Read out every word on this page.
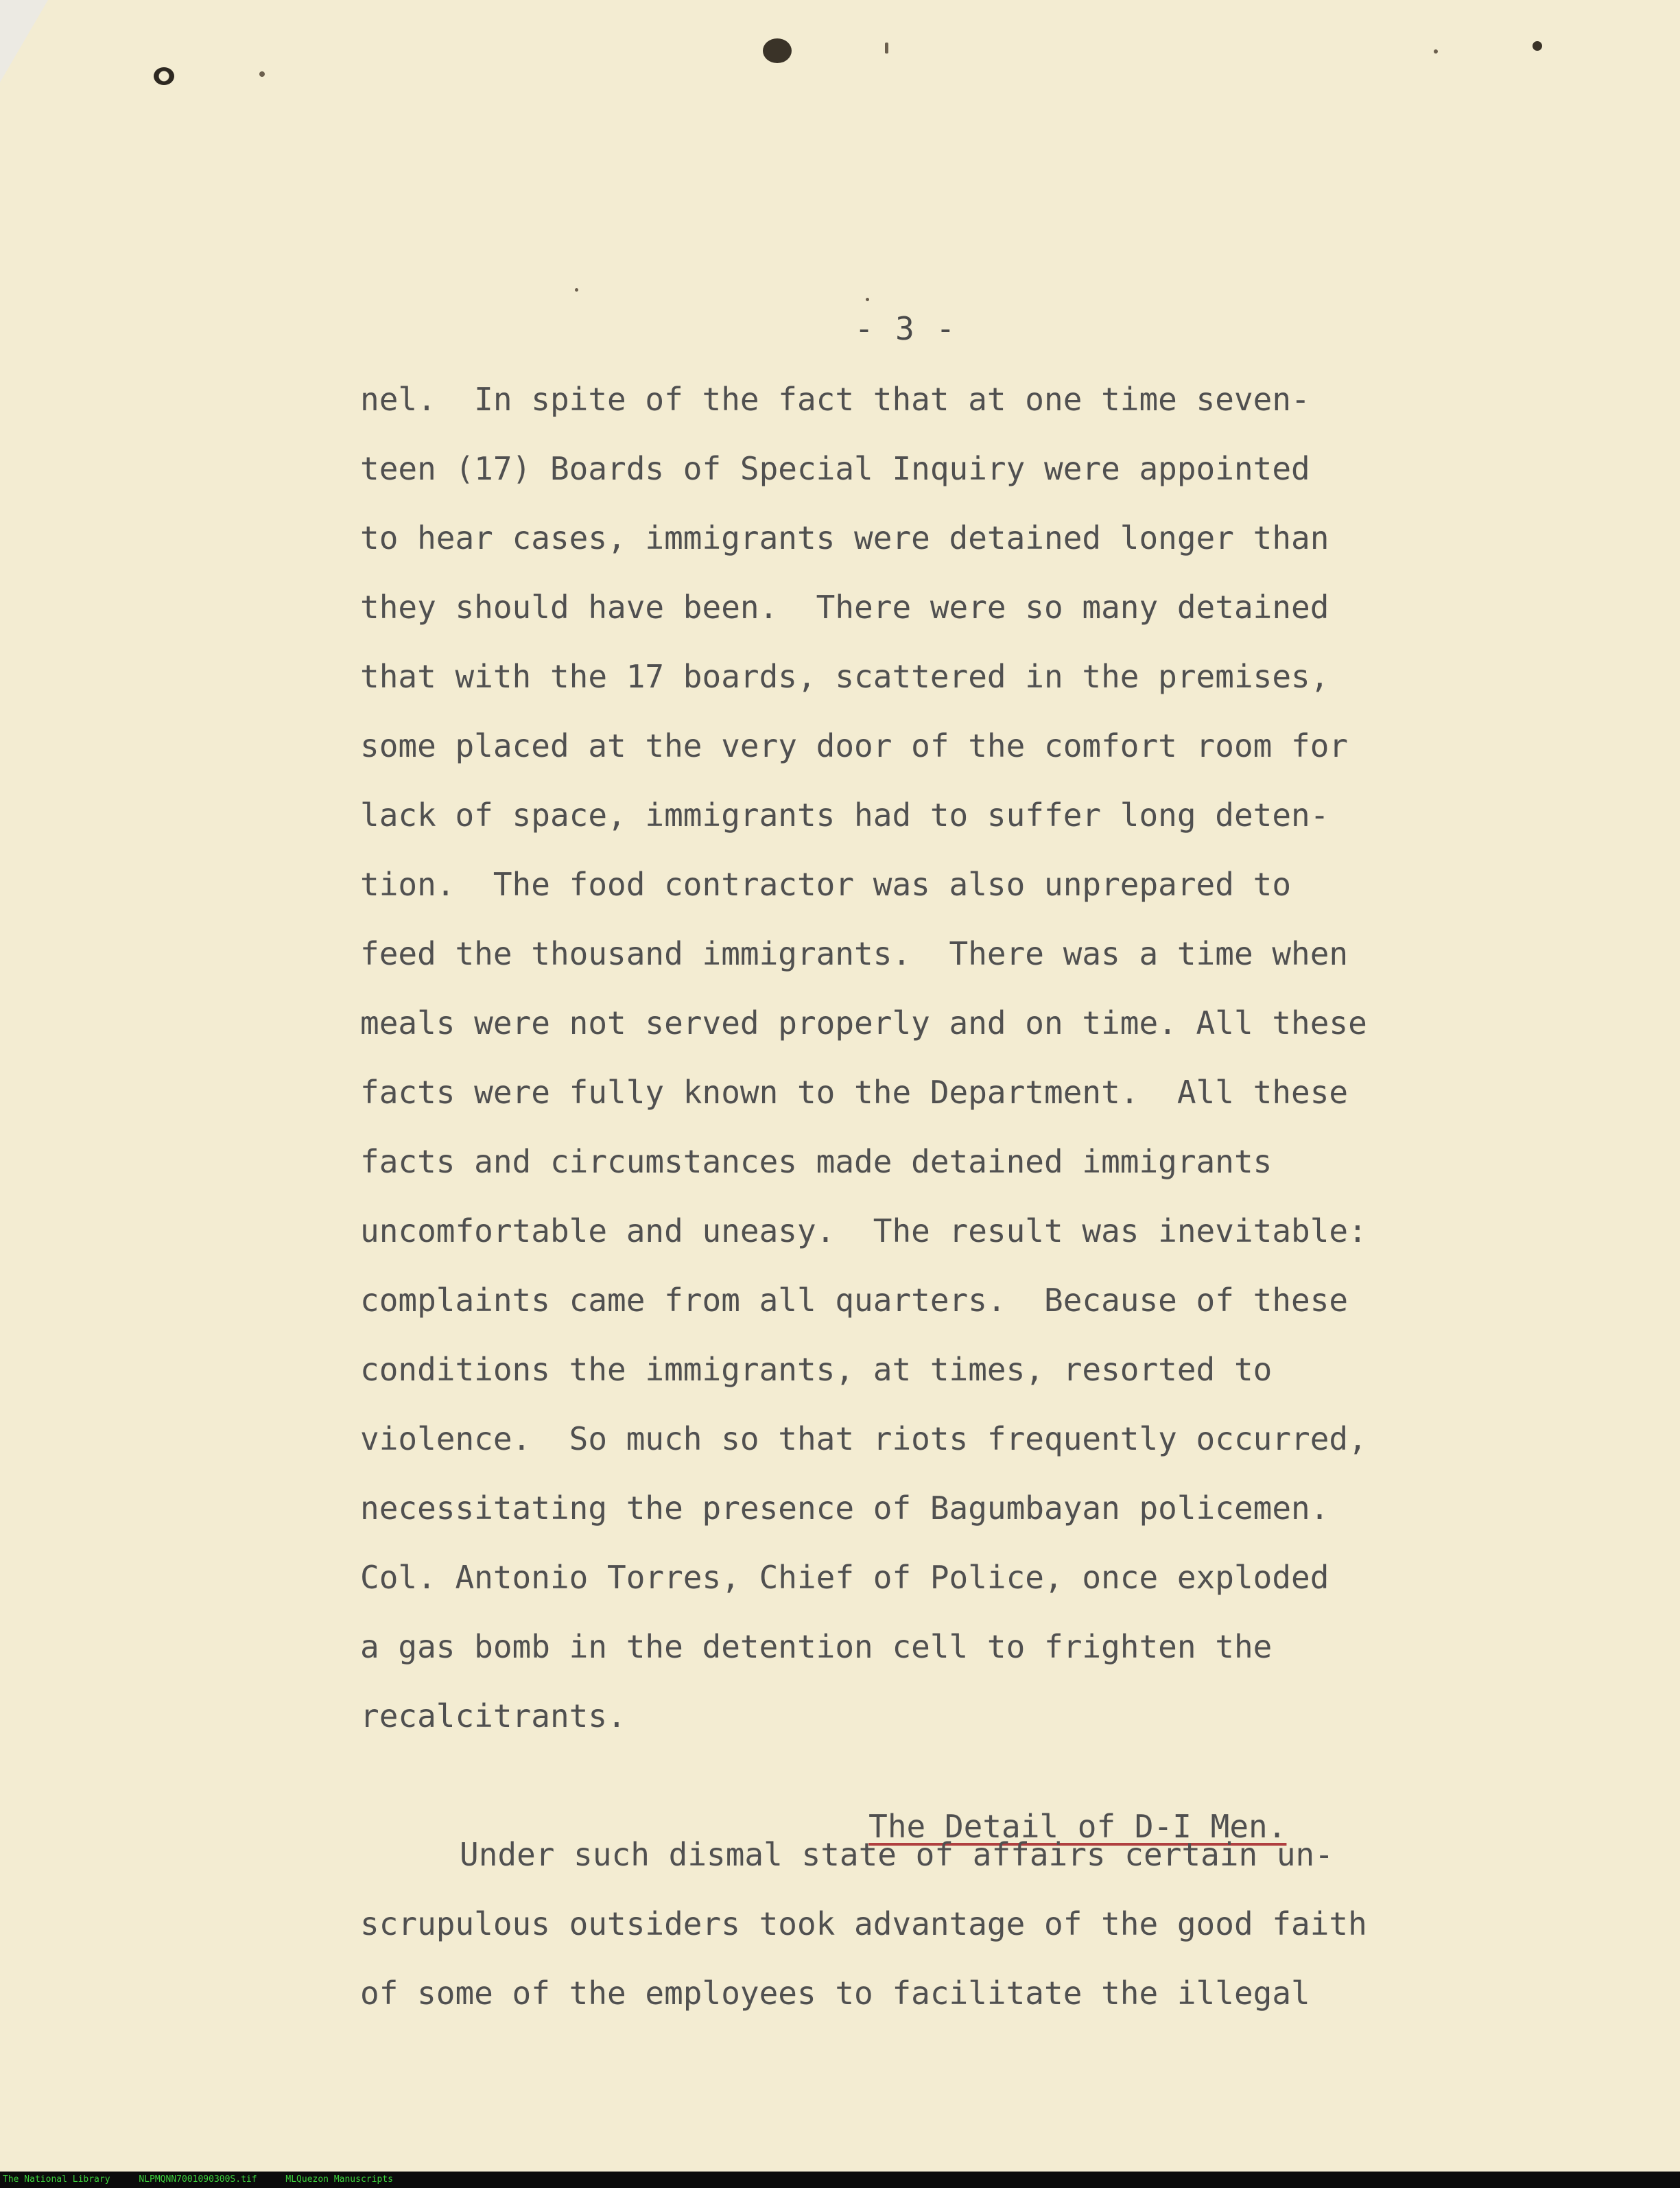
- 3 -
nel.  In spite of the fact that at one time seven-
teen (17) Boards of Special Inquiry were appointed
to hear cases, immigrants were detained longer than
they should have been.  There were so many detained
that with the 17 boards, scattered in the premises,
some placed at the very door of the comfort room for
lack of space, immigrants had to suffer long deten-
tion.  The food contractor was also unprepared to
feed the thousand immigrants.  There was a time when
meals were not served properly and on time. All these
facts were fully known to the Department.  All these
facts and circumstances made detained immigrants
uncomfortable and uneasy.  The result was inevitable:
complaints came from all quarters.  Because of these
conditions the immigrants, at times, resorted to
violence.  So much so that riots frequently occurred,
necessitating the presence of Bagumbayan policemen.
Col. Antonio Torres, Chief of Police, once exploded
a gas bomb in the detention cell to frighten the
recalcitrants.

The Detail of D-I Men.

Under such dismal state of affairs certain un-
scrupulous outsiders took advantage of the good faith
of some of the employees to facilitate the illegal
The National Library	NLPMQNN7001090300S.tif	MLQuezon Manuscripts
